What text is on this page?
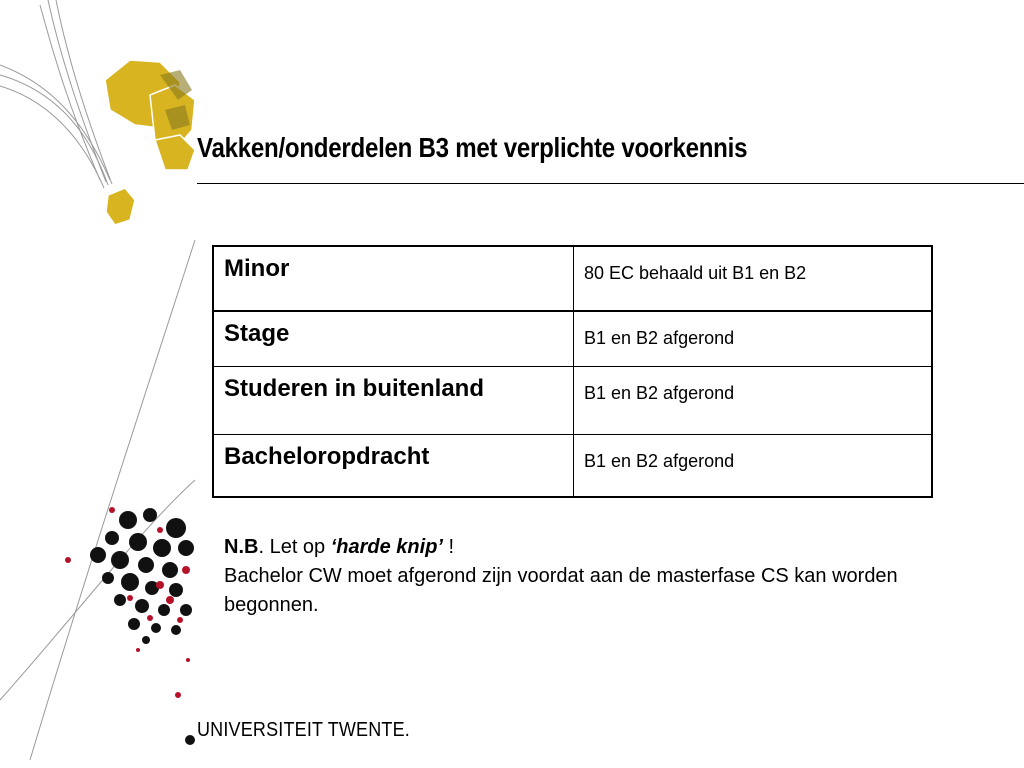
Vakken/onderdelen B3 met verplichte voorkennis
Minor	80 EC behaald uit B1 en B2
Stage	B1 en B2 afgerond
Studeren in buitenland	B1 en B2 afgerond
Bacheloropdracht	B1 en B2 afgerond
N.B. Let op ‘harde knip’ !
Bachelor CW moet afgerond zijn voordat aan de masterfase CS kan worden begonnen.
UNIVERSITEIT TWENTE.
